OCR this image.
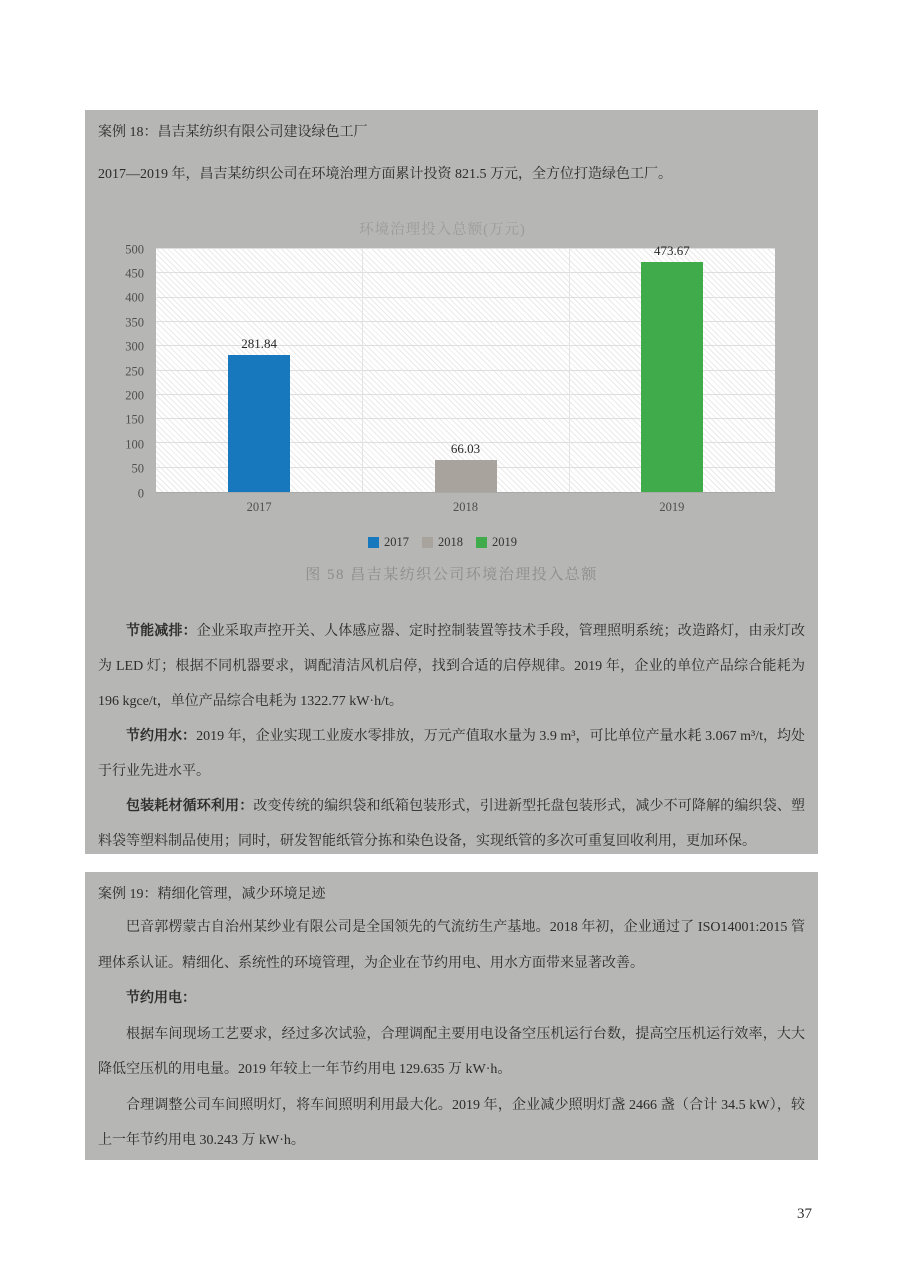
案例 18：昌吉某纺织有限公司建设绿色工厂

2017—2019 年，昌吉某纺织公司在环境治理方面累计投资 821.5 万元，全方位打造绿色工厂。

环境治理投入总额(万元)
0
50
100
150
200
250
300
350
400
450
500
281.84
66.03
473.67
2017	2018	2019
2017 2018 2019

图 58 昌吉某纺织公司环境治理投入总额

节能减排：企业采取声控开关、人体感应器、定时控制装置等技术手段，管理照明系统；改造路灯，由汞灯改为 LED 灯；根据不同机器要求，调配清洁风机启停，找到合适的启停规律。2019 年，企业的单位产品综合能耗为 196 kgce/t，单位产品综合电耗为 1322.77 kW·h/t。

节约用水：2019 年，企业实现工业废水零排放，万元产值取水量为 3.9 m³，可比单位产量水耗 3.067 m³/t，均处于行业先进水平。

包装耗材循环利用：改变传统的编织袋和纸箱包装形式，引进新型托盘包装形式，减少不可降解的编织袋、塑料袋等塑料制品使用；同时，研发智能纸管分拣和染色设备，实现纸管的多次可重复回收利用，更加环保。

案例 19：精细化管理，减少环境足迹

巴音郭楞蒙古自治州某纱业有限公司是全国领先的气流纺生产基地。2018 年初，企业通过了 ISO14001:2015 管理体系认证。精细化、系统性的环境管理，为企业在节约用电、用水方面带来显著改善。

节约用电：

根据车间现场工艺要求，经过多次试验，合理调配主要用电设备空压机运行台数，提高空压机运行效率，大大降低空压机的用电量。2019 年较上一年节约用电 129.635 万 kW·h。

合理调整公司车间照明灯，将车间照明利用最大化。2019 年，企业减少照明灯盏 2466 盏（合计 34.5 kW），较上一年节约用电 30.243 万 kW·h。

37
